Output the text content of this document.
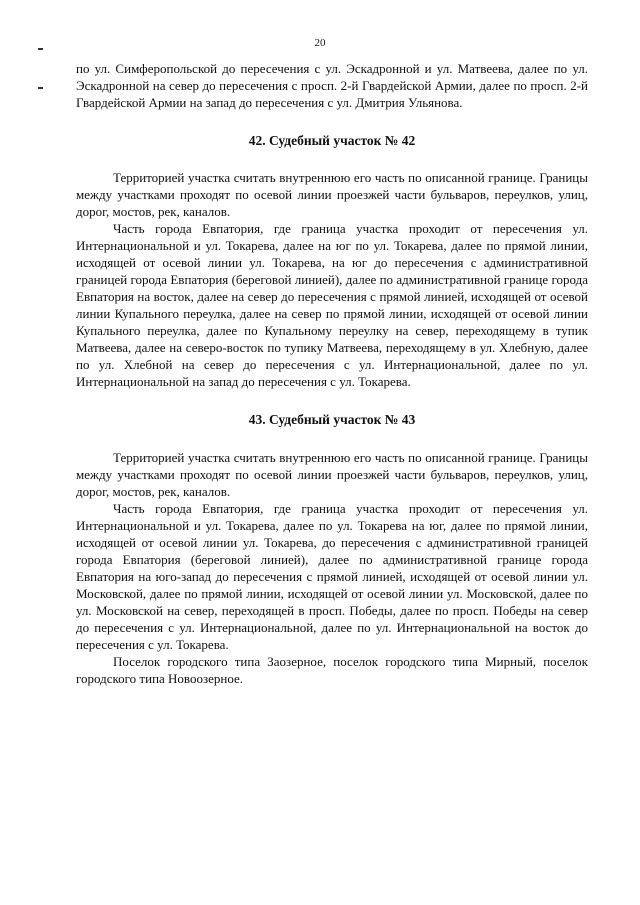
20

по ул. Симферопольской до пересечения с ул. Эскадронной и ул. Матвеева, далее по ул. Эскадронной на север до пересечения с просп. 2-й Гвардейской Армии, далее по просп. 2-й Гвардейской Армии на запад до пересечения с ул. Дмитрия Ульянова.

42. Судебный участок № 42

Территорией участка считать внутреннюю его часть по описанной границе. Границы между участками проходят по осевой линии проезжей части бульваров, переулков, улиц, дорог, мостов, рек, каналов.

Часть города Евпатория, где граница участка проходит от пересечения ул. Интернациональной и ул. Токарева, далее на юг по ул. Токарева, далее по прямой линии, исходящей от осевой линии ул. Токарева, на юг до пересечения с административной границей города Евпатория (береговой линией), далее по административной границе города Евпатория на восток, далее на север до пересечения с прямой линией, исходящей от осевой линии Купального переулка, далее на север по прямой линии, исходящей от осевой линии Купального переулка, далее по Купальному переулку на север, переходящему в тупик Матвеева, далее на северо-восток по тупику Матвеева, переходящему в ул. Хлебную, далее по ул. Хлебной на север до пересечения с ул. Интернациональной, далее по ул. Интернациональной на запад до пересечения с ул. Токарева.

43. Судебный участок № 43

Территорией участка считать внутреннюю его часть по описанной границе. Границы между участками проходят по осевой линии проезжей части бульваров, переулков, улиц, дорог, мостов, рек, каналов.

Часть города Евпатория, где граница участка проходит от пересечения ул. Интернациональной и ул. Токарева, далее по ул. Токарева на юг, далее по прямой линии, исходящей от осевой линии ул. Токарева, до пересечения с административной границей города Евпатория (береговой линией), далее по административной границе города Евпатория на юго-запад до пересечения с прямой линией, исходящей от осевой линии ул. Московской, далее по прямой линии, исходящей от осевой линии ул. Московской, далее по ул. Московской на север, переходящей в просп. Победы, далее по просп. Победы на север до пересечения с ул. Интернациональной, далее по ул. Интернациональной на восток до пересечения с ул. Токарева.

Поселок городского типа Заозерное, поселок городского типа Мирный, поселок городского типа Новоозерное.
